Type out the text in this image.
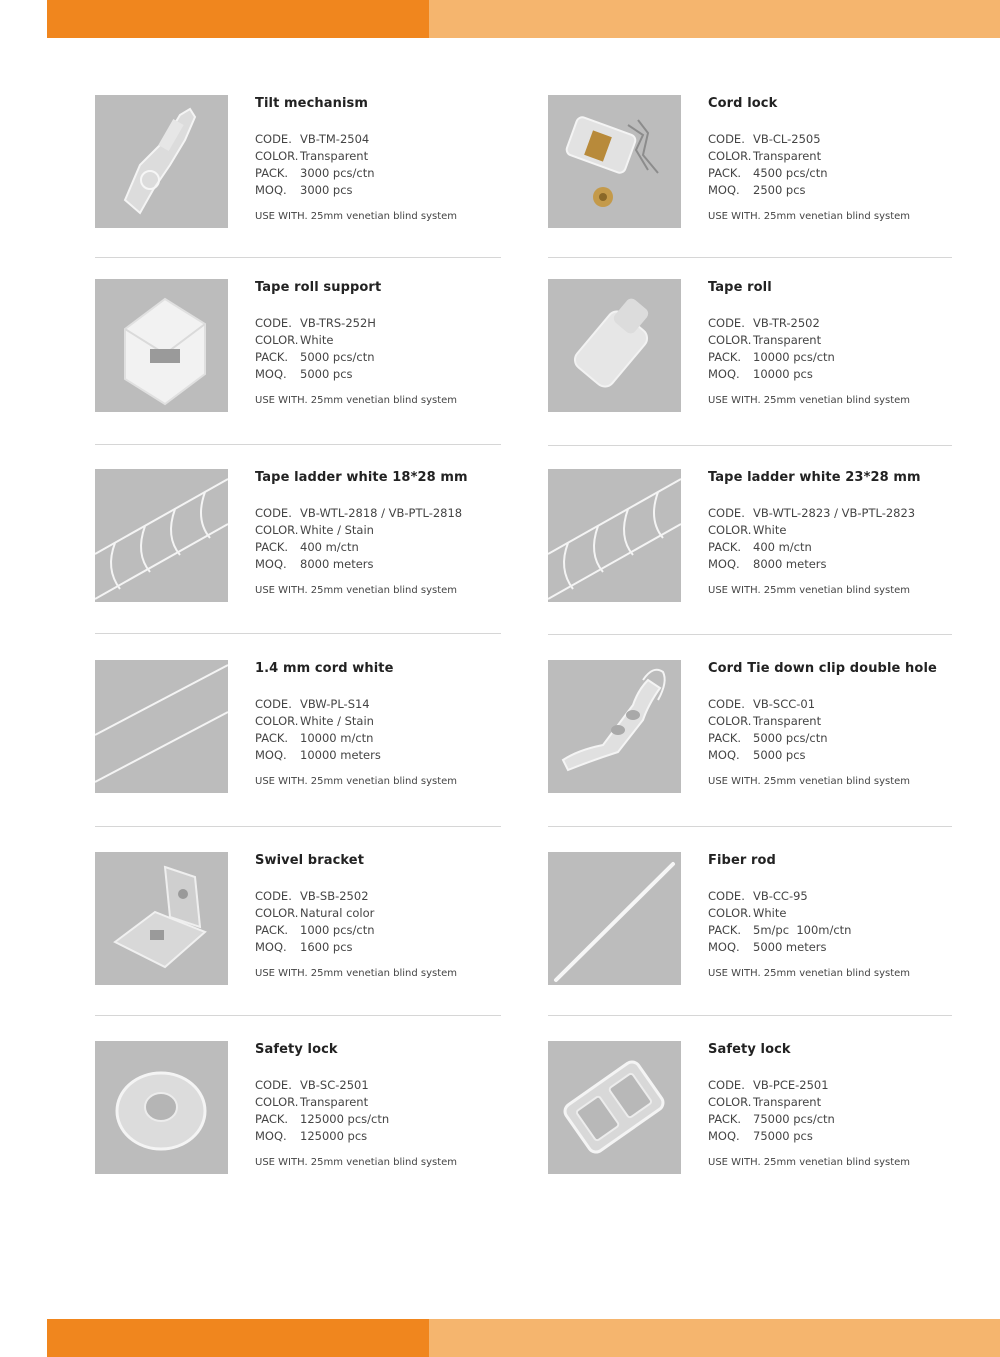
Tilt mechanism
CODE. VB-TM-2504
COLOR. Transparent
PACK.	3000 pcs/ctn
MOQ.	3000 pcs
USE WITH. 25mm venetian blind system
Cord lock
CODE. VB-CL-2505
COLOR. Transparent
PACK.	4500 pcs/ctn
MOQ.	2500 pcs
USE WITH. 25mm venetian blind system
Tape roll support
CODE. VB-TRS-252H
COLOR. White
PACK.	5000 pcs/ctn
MOQ.	5000 pcs
USE WITH. 25mm venetian blind system
Tape roll
CODE. VB-TR-2502
COLOR. Transparent
PACK.	10000 pcs/ctn
MOQ.	10000 pcs
USE WITH. 25mm venetian blind system
Tape ladder white 18*28 mm
CODE. VB-WTL-2818 / VB-PTL-2818
COLOR. White / Stain
PACK.	400 m/ctn
MOQ.	8000 meters
USE WITH. 25mm venetian blind system
Tape ladder white 23*28 mm
CODE. VB-WTL-2823 / VB-PTL-2823
COLOR. White
PACK.	400 m/ctn
MOQ.	8000 meters
USE WITH. 25mm venetian blind system
1.4 mm cord white
CODE. VBW-PL-S14
COLOR. White / Stain
PACK.	10000 m/ctn
MOQ.	10000 meters
USE WITH. 25mm venetian blind system
Cord Tie down clip double hole
CODE. VB-SCC-01
COLOR. Transparent
PACK.	5000 pcs/ctn
MOQ.	5000 pcs
USE WITH. 25mm venetian blind system
Swivel bracket
CODE. VB-SB-2502
COLOR. Natural color
PACK.	1000 pcs/ctn
MOQ.	1600 pcs
USE WITH. 25mm venetian blind system
Fiber rod
CODE. VB-CC-95
COLOR. White
PACK.	5m/pc  100m/ctn
MOQ.	5000 meters
USE WITH. 25mm venetian blind system
Safety lock
CODE. VB-SC-2501
COLOR. Transparent
PACK.	125000 pcs/ctn
MOQ.	125000 pcs
USE WITH. 25mm venetian blind system
Safety lock
CODE. VB-PCE-2501
COLOR. Transparent
PACK.	75000 pcs/ctn
MOQ.	75000 pcs
USE WITH. 25mm venetian blind system
